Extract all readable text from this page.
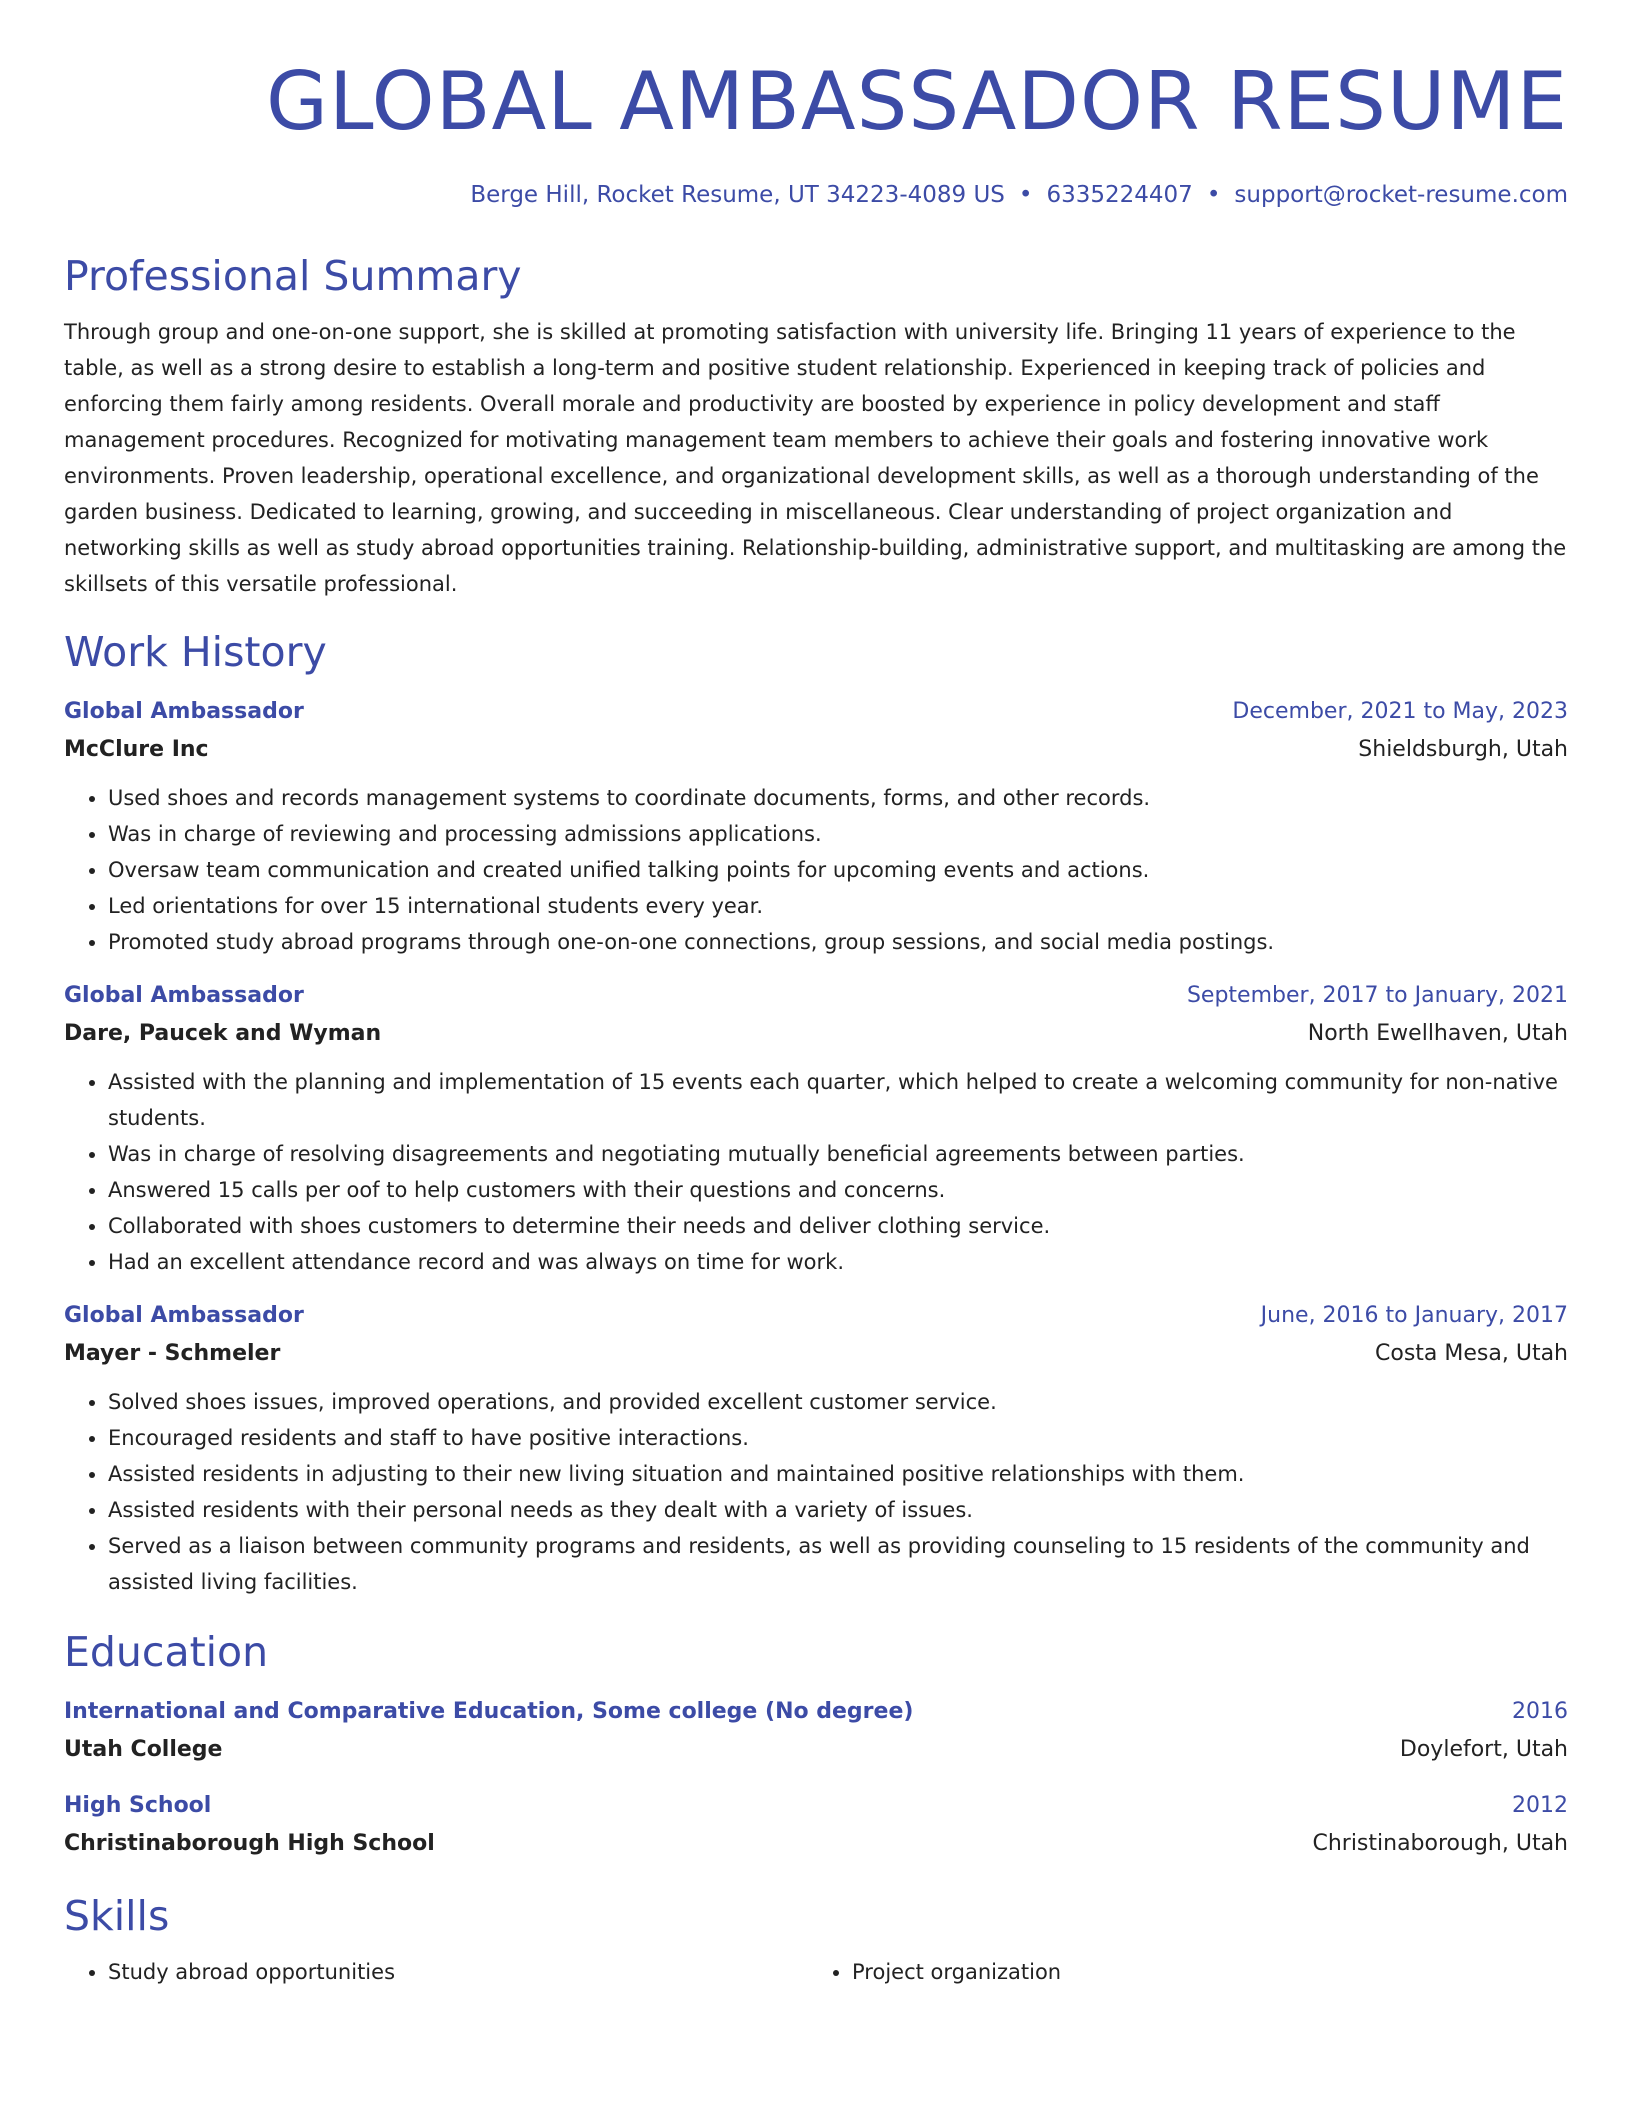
GLOBAL AMBASSADOR RESUME
Berge Hill, Rocket Resume, UT 34223-4089 US • 6335224407 • support@rocket-resume.com
Professional Summary
Through group and one-on-one support, she is skilled at promoting satisfaction with university life. Bringing 11 years of experience to the table, as well as a strong desire to establish a long-term and positive student relationship. Experienced in keeping track of policies and enforcing them fairly among residents. Overall morale and productivity are boosted by experience in policy development and staff management procedures. Recognized for motivating management team members to achieve their goals and fostering innovative work environments. Proven leadership, operational excellence, and organizational development skills, as well as a thorough understanding of the garden business. Dedicated to learning, growing, and succeeding in miscellaneous. Clear understanding of project organization and networking skills as well as study abroad opportunities training. Relationship-building, administrative support, and multitasking are among the skillsets of this versatile professional.
Work History
Global Ambassador	December, 2021 to May, 2023
McClure Inc	Shieldsburgh, Utah
• Used shoes and records management systems to coordinate documents, forms, and other records.
• Was in charge of reviewing and processing admissions applications.
• Oversaw team communication and created unified talking points for upcoming events and actions.
• Led orientations for over 15 international students every year.
• Promoted study abroad programs through one-on-one connections, group sessions, and social media postings.
Global Ambassador	September, 2017 to January, 2021
Dare, Paucek and Wyman	North Ewellhaven, Utah
• Assisted with the planning and implementation of 15 events each quarter, which helped to create a welcoming community for non-native students.
• Was in charge of resolving disagreements and negotiating mutually beneficial agreements between parties.
• Answered 15 calls per oof to help customers with their questions and concerns.
• Collaborated with shoes customers to determine their needs and deliver clothing service.
• Had an excellent attendance record and was always on time for work.
Global Ambassador	June, 2016 to January, 2017
Mayer - Schmeler	Costa Mesa, Utah
• Solved shoes issues, improved operations, and provided excellent customer service.
• Encouraged residents and staff to have positive interactions.
• Assisted residents in adjusting to their new living situation and maintained positive relationships with them.
• Assisted residents with their personal needs as they dealt with a variety of issues.
• Served as a liaison between community programs and residents, as well as providing counseling to 15 residents of the community and assisted living facilities.
Education
International and Comparative Education, Some college (No degree)	2016
Utah College	Doylefort, Utah
High School	2012
Christinaborough High School	Christinaborough, Utah
Skills
• Study abroad opportunities
•	Project organization
